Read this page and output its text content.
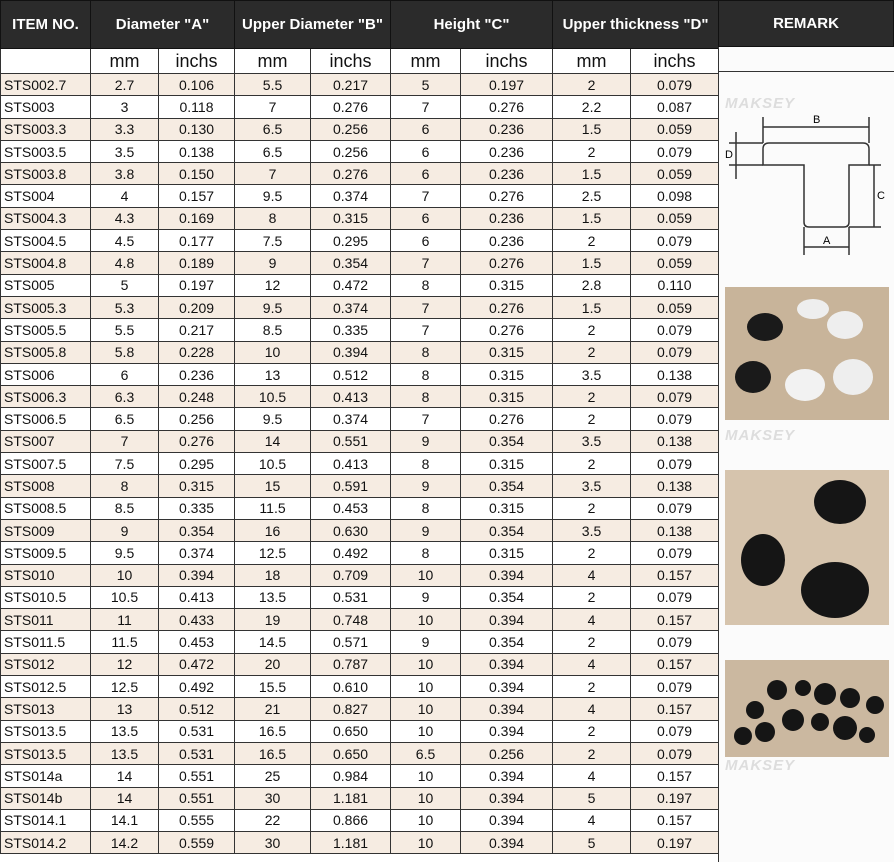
ITEM NO.	Diameter "A"		Upper Diameter "B"		Height "C"		Upper thickness "D"	
	mm	inchs	mm	inchs	mm	inchs	mm	inchs
STS002.7	2.7	0.106	5.5	0.217	5	0.197	2	0.079
STS003	3	0.118	7	0.276	7	0.276	2.2	0.087
STS003.3	3.3	0.130	6.5	0.256	6	0.236	1.5	0.059
STS003.5	3.5	0.138	6.5	0.256	6	0.236	2	0.079
STS003.8	3.8	0.150	7	0.276	6	0.236	1.5	0.059
STS004	4	0.157	9.5	0.374	7	0.276	2.5	0.098
STS004.3	4.3	0.169	8	0.315	6	0.236	1.5	0.059
STS004.5	4.5	0.177	7.5	0.295	6	0.236	2	0.079
STS004.8	4.8	0.189	9	0.354	7	0.276	1.5	0.059
STS005	5	0.197	12	0.472	8	0.315	2.8	0.110
STS005.3	5.3	0.209	9.5	0.374	7	0.276	1.5	0.059
STS005.5	5.5	0.217	8.5	0.335	7	0.276	2	0.079
STS005.8	5.8	0.228	10	0.394	8	0.315	2	0.079
STS006	6	0.236	13	0.512	8	0.315	3.5	0.138
STS006.3	6.3	0.248	10.5	0.413	8	0.315	2	0.079
STS006.5	6.5	0.256	9.5	0.374	7	0.276	2	0.079
STS007	7	0.276	14	0.551	9	0.354	3.5	0.138
STS007.5	7.5	0.295	10.5	0.413	8	0.315	2	0.079
STS008	8	0.315	15	0.591	9	0.354	3.5	0.138
STS008.5	8.5	0.335	11.5	0.453	8	0.315	2	0.079
STS009	9	0.354	16	0.630	9	0.354	3.5	0.138
STS009.5	9.5	0.374	12.5	0.492	8	0.315	2	0.079
STS010	10	0.394	18	0.709	10	0.394	4	0.157
STS010.5	10.5	0.413	13.5	0.531	9	0.354	2	0.079
STS011	11	0.433	19	0.748	10	0.394	4	0.157
STS011.5	11.5	0.453	14.5	0.571	9	0.354	2	0.079
STS012	12	0.472	20	0.787	10	0.394	4	0.157
STS012.5	12.5	0.492	15.5	0.610	10	0.394	2	0.079
STS013	13	0.512	21	0.827	10	0.394	4	0.157
STS013.5	13.5	0.531	16.5	0.650	10	0.394	2	0.079
STS013.5	13.5	0.531	16.5	0.650	6.5	0.256	2	0.079
STS014a	14	0.551	25	0.984	10	0.394	4	0.157
STS014b	14	0.551	30	1.181	10	0.394	5	0.197
STS014.1	14.1	0.555	22	0.866	10	0.394	4	0.157
STS014.2	14.2	0.559	30	1.181	10	0.394	5	0.197
REMARK
MAKSEY
MAKSEY
MAKSEY
B
A
C
D
